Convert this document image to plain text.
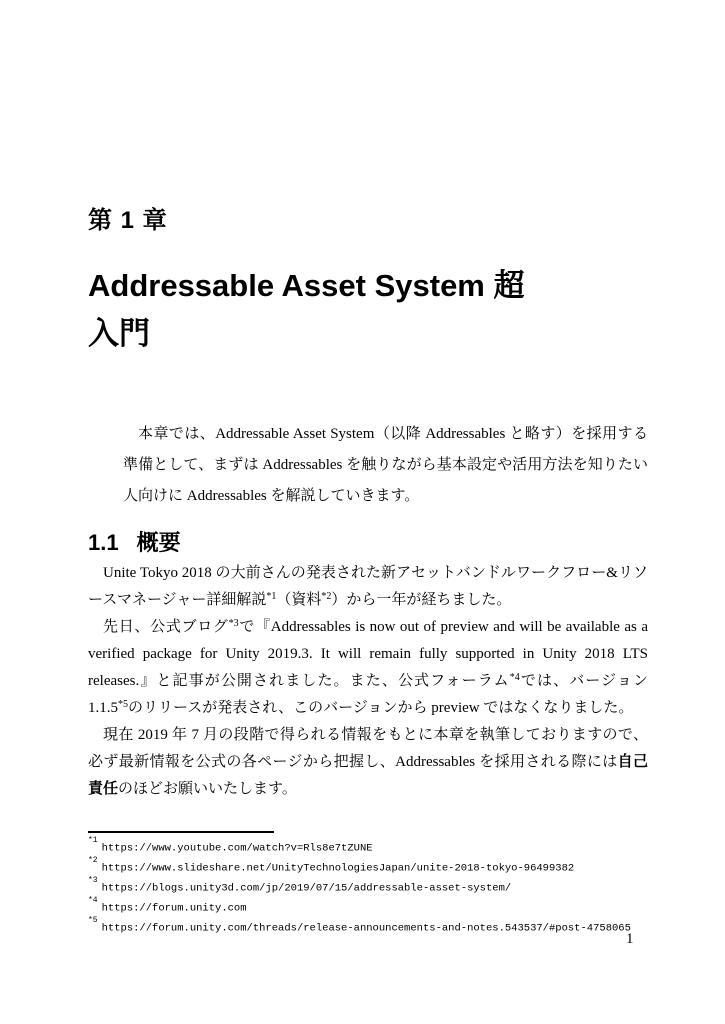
第 1 章
Addressable Asset System 超
入門

本章では、Addressable Asset System（以降 Addressables と略す）を採用する準備として、まずは Addressables を触りながら基本設定や活用方法を知りたい人向けに Addressables を解説していきます。

1.1 概要

Unite Tokyo 2018 の大前さんの発表された新アセットバンドルワークフロー&リソースマネージャー詳細解説$^{*1}$（資料$^{*2}$）から一年が経ちました。

先日、公式ブログ$^{*3}$で『Addressables is now out of preview and will be available as a verified package for Unity 2019.3. It will remain fully supported in Unity 2018 LTS releases.』と記事が公開されました。また、公式フォーラム$^{*4}$では、バージョン 1.1.5$^{*5}$のリリースが発表され、このバージョンから preview ではなくなりました。

現在 2019 年 7 月の段階で得られる情報をもとに本章を執筆しておりますので、必ず最新情報を公式の各ページから把握し、Addressables を採用される際には自己責任のほどお願いいたします。

$^{*1}$https://www.youtube.com/watch?v=Rls8e7tZUNE
$^{*2}$https://www.slideshare.net/UnityTechnologiesJapan/unite-2018-tokyo-96499382
$^{*3}$https://blogs.unity3d.com/jp/2019/07/15/addressable-asset-system/
$^{*4}$https://forum.unity.com
$^{*5}$https://forum.unity.com/threads/release-announcements-and-notes.543537/#post-4758065
1
